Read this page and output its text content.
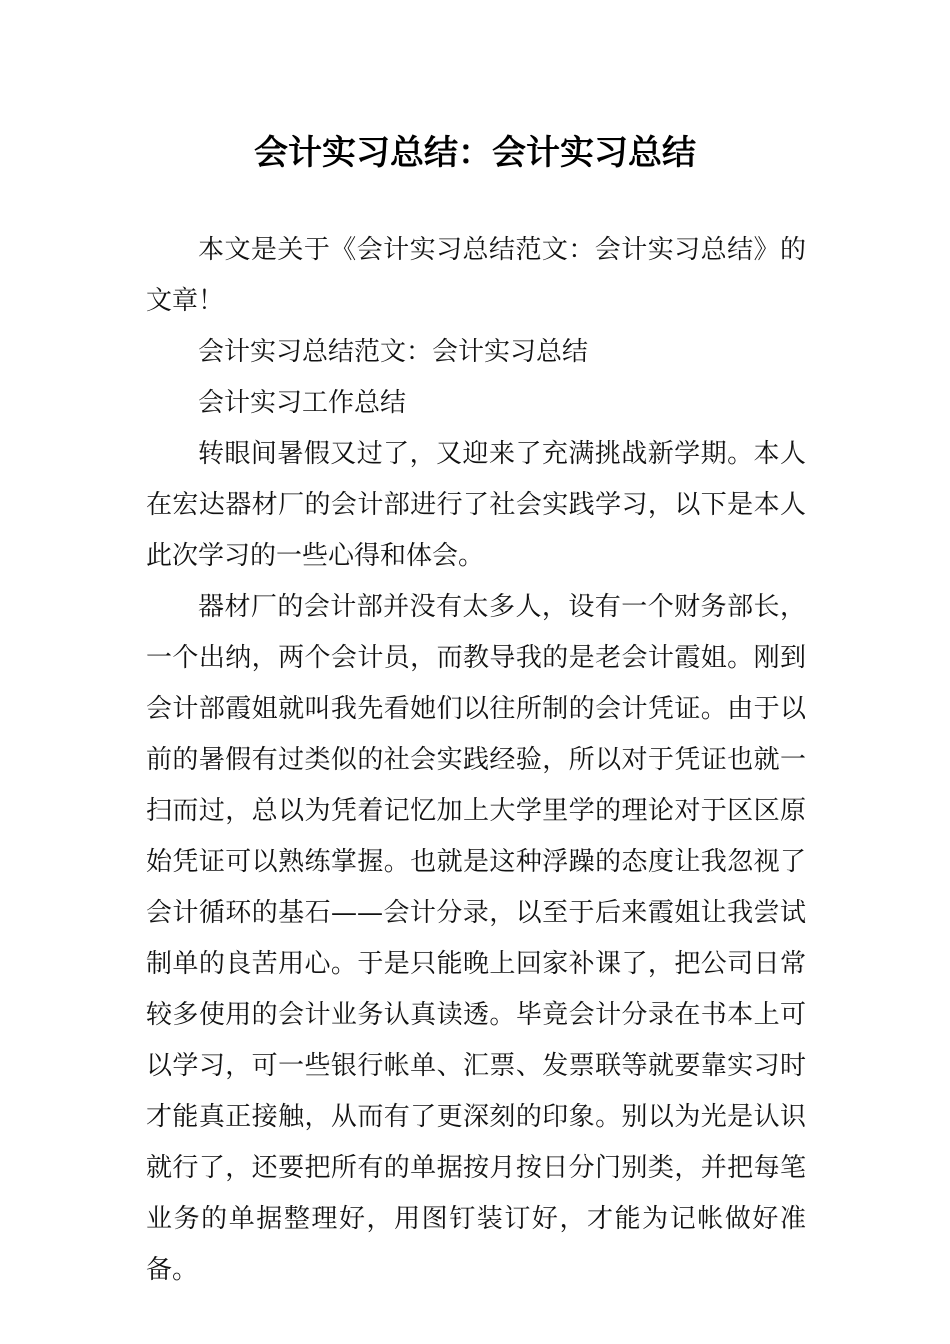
会计实习总结：会计实习总结

本文是关于《会计实习总结范文：会计实习总结》的文章！

会计实习总结范文：会计实习总结

会计实习工作总结

转眼间暑假又过了，又迎来了充满挑战新学期。本人在宏达器材厂的会计部进行了社会实践学习，以下是本人此次学习的一些心得和体会。

器材厂的会计部并没有太多人，设有一个财务部长，一个出纳，两个会计员，而教导我的是老会计霞姐。刚到会计部霞姐就叫我先看她们以往所制的会计凭证。由于以前的暑假有过类似的社会实践经验，所以对于凭证也就一扫而过，总以为凭着记忆加上大学里学的理论对于区区原始凭证可以熟练掌握。也就是这种浮躁的态度让我忽视了会计循环的基石——会计分录，以至于后来霞姐让我尝试制单的良苦用心。于是只能晚上回家补课了，把公司日常较多使用的会计业务认真读透。毕竟会计分录在书本上可以学习，可一些银行帐单、汇票、发票联等就要靠实习时才能真正接触，从而有了更深刻的印象。别以为光是认识就行了，还要把所有的单据按月按日分门别类，并把每笔业务的单据整理好，用图钉装订好，才能为记帐做好准备。
